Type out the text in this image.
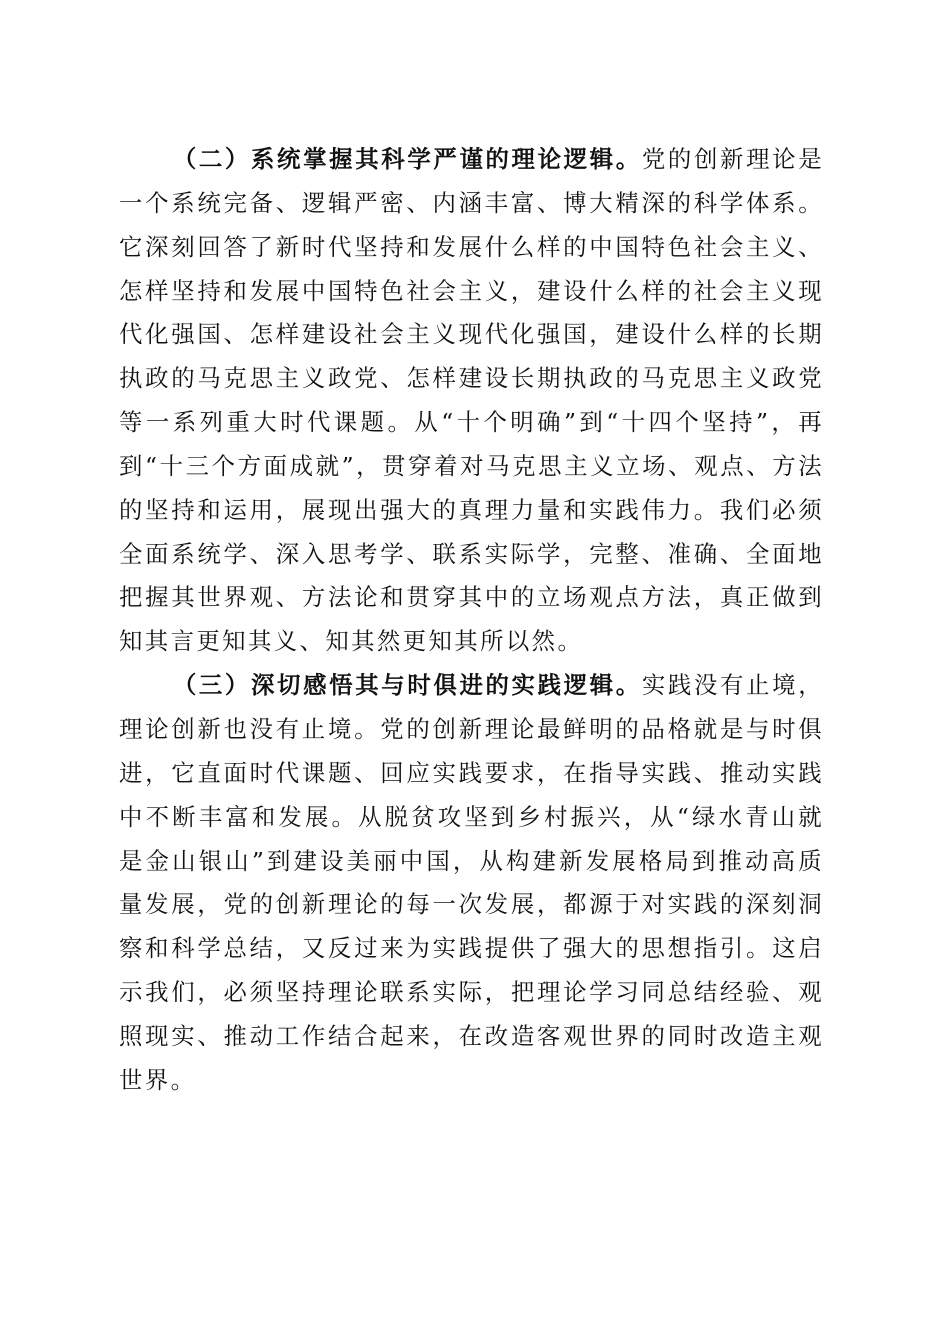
（二）系统掌握其科学严谨的理论逻辑。党的创新理论是一个系统完备、逻辑严密、内涵丰富、博大精深的科学体系。它深刻回答了新时代坚持和发展什么样的中国特色社会主义、怎样坚持和发展中国特色社会主义，建设什么样的社会主义现代化强国、怎样建设社会主义现代化强国，建设什么样的长期执政的马克思主义政党、怎样建设长期执政的马克思主义政党等一系列重大时代课题。从“十个明确”到“十四个坚持”，再到“十三个方面成就”，贯穿着对马克思主义立场、观点、方法的坚持和运用，展现出强大的真理力量和实践伟力。我们必须全面系统学、深入思考学、联系实际学，完整、准确、全面地把握其世界观、方法论和贯穿其中的立场观点方法，真正做到知其言更知其义、知其然更知其所以然。

（三）深切感悟其与时俱进的实践逻辑。实践没有止境，理论创新也没有止境。党的创新理论最鲜明的品格就是与时俱进，它直面时代课题、回应实践要求，在指导实践、推动实践中不断丰富和发展。从脱贫攻坚到乡村振兴，从“绿水青山就是金山银山”到建设美丽中国，从构建新发展格局到推动高质量发展，党的创新理论的每一次发展，都源于对实践的深刻洞察和科学总结，又反过来为实践提供了强大的思想指引。这启示我们，必须坚持理论联系实际，把理论学习同总结经验、观照现实、推动工作结合起来，在改造客观世界的同时改造主观世界。
